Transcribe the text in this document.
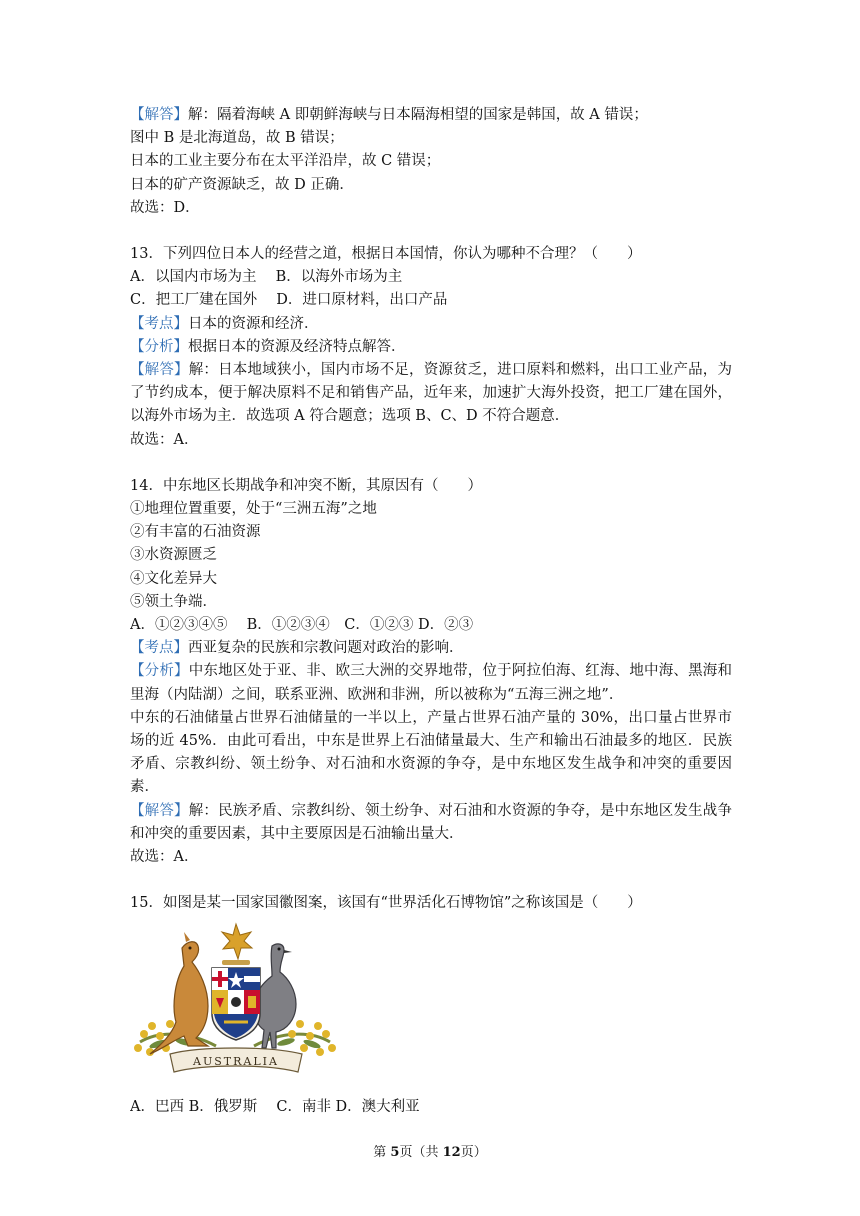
【解答】解：隔着海峡 A 即朝鲜海峡与日本隔海相望的国家是韩国，故 A 错误；
图中 B 是北海道岛，故 B 错误；
日本的工业主要分布在太平洋沿岸，故 C 错误；
日本的矿产资源缺乏，故 D 正确．
故选：D．
13．下列四位日本人的经营之道，根据日本国情，你认为哪种不合理？（　　）
A．以国内市场为主　 B．以海外市场为主
C．把工厂建在国外　 D．进口原材料，出口产品
【考点】日本的资源和经济．
【分析】根据日本的资源及经济特点解答．
【解答】解：日本地域狭小，国内市场不足，资源贫乏，进口原料和燃料，出口工业产品，为了节约成本，便于解决原料不足和销售产品，近年来，加速扩大海外投资，把工厂建在国外，以海外市场为主．故选项 A 符合题意；选项 B、C、D 不符合题意．
故选：A．
14．中东地区长期战争和冲突不断，其原因有（　　）
①地理位置重要，处于“三洲五海”之地
②有丰富的石油资源
③水资源匮乏
④文化差异大
⑤领土争端．
A．①②③④⑤　 B．①②③④　C．①②③ D．②③
【考点】西亚复杂的民族和宗教问题对政治的影响．
【分析】中东地区处于亚、非、欧三大洲的交界地带，位于阿拉伯海、红海、地中海、黑海和里海（内陆湖）之间，联系亚洲、欧洲和非洲，所以被称为“五海三洲之地”．
中东的石油储量占世界石油储量的一半以上，产量占世界石油产量的 30%，出口量占世界市场的近 45%．由此可看出，中东是世界上石油储量最大、生产和输出石油最多的地区．民族矛盾、宗教纠纷、领土纷争、对石油和水资源的争夺，是中东地区发生战争和冲突的重要因素．
【解答】解：民族矛盾、宗教纠纷、领土纷争、对石油和水资源的争夺，是中东地区发生战争和冲突的重要因素，其中主要原因是石油输出量大．
故选：A．
15．如图是某一国家国徽图案，该国有“世界活化石博物馆”之称该国是（　　）
AUSTRALIA
A．巴西 B．俄罗斯　 C．南非 D．澳大利亚
第 5页（共 12页）
